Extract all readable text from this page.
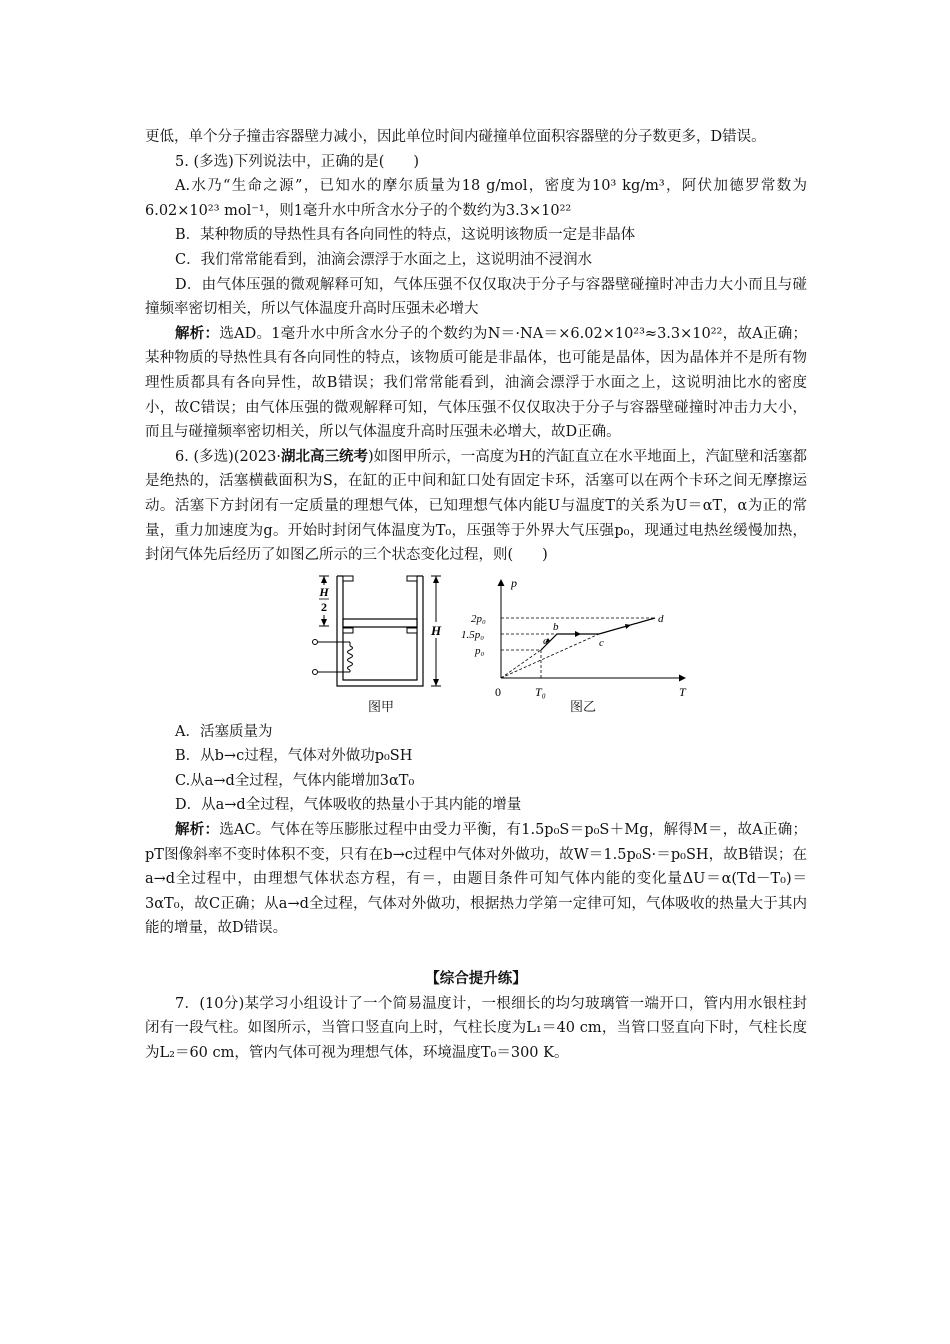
更低，单个分子撞击容器壁力减小，因此单位时间内碰撞单位面积容器壁的分子数更多，D错误。

5. (多选)下列说法中，正确的是(　　)

A.水乃“生命之源”，已知水的摩尔质量为18 g/mol，密度为10³ kg/m³，阿伏加德罗常数为6.02×10²³ mol⁻¹，则1毫升水中所含水分子的个数约为3.3×10²²

B．某种物质的导热性具有各向同性的特点，这说明该物质一定是非晶体

C．我们常常能看到，油滴会漂浮于水面之上，这说明油不浸润水

D．由气体压强的微观解释可知，气体压强不仅仅取决于分子与容器壁碰撞时冲击力大小而且与碰撞频率密切相关，所以气体温度升高时压强未必增大

解析：选AD。1毫升水中所含水分子的个数约为N＝·NA＝×6.02×10²³≈3.3×10²²，故A正确；某种物质的导热性具有各向同性的特点，该物质可能是非晶体，也可能是晶体，因为晶体并不是所有物理性质都具有各向异性，故B错误；我们常常能看到，油滴会漂浮于水面之上，这说明油比水的密度小，故C错误；由气体压强的微观解释可知，气体压强不仅仅取决于分子与容器壁碰撞时冲击力大小，而且与碰撞频率密切相关，所以气体温度升高时压强未必增大，故D正确。

6. (多选)(2023·湖北高三统考)如图甲所示，一高度为H的汽缸直立在水平地面上，汽缸壁和活塞都是绝热的，活塞横截面积为S，在缸的正中间和缸口处有固定卡环，活塞可以在两个卡环之间无摩擦运动。活塞下方封闭有一定质量的理想气体，已知理想气体内能U与温度T的关系为U＝αT，α为正的常量，重力加速度为g。开始时封闭气体温度为T₀，压强等于外界大气压强p₀，现通过电热丝缓慢加热，封闭气体先后经历了如图乙所示的三个状态变化过程，则(　　)

H
2
H
图甲
p
T
0	T₀
2p₀
1.5p₀
p₀
a
b
c
d
图乙

A．活塞质量为

B．从b→c过程，气体对外做功p₀SH

C.从a→d全过程，气体内能增加3αT₀

D．从a→d全过程，气体吸收的热量小于其内能的增量

解析：选AC。气体在等压膨胀过程中由受力平衡，有1.5p₀S＝p₀S＋Mg，解得M＝，故A正确；pT图像斜率不变时体积不变，只有在b→c过程中气体对外做功，故W＝1.5p₀S·＝p₀SH，故B错误；在a→d全过程中，由理想气体状态方程，有＝，由题目条件可知气体内能的变化量ΔU＝α(Td－T₀)＝3αT₀，故C正确；从a→d全过程，气体对外做功，根据热力学第一定律可知，气体吸收的热量大于其内能的增量，故D错误。

【综合提升练】

7．(10分)某学习小组设计了一个简易温度计，一根细长的均匀玻璃管一端开口，管内用水银柱封闭有一段气柱。如图所示，当管口竖直向上时，气柱长度为L₁＝40 cm，当管口竖直向下时，气柱长度为L₂＝60 cm，管内气体可视为理想气体，环境温度T₀＝300 K。
